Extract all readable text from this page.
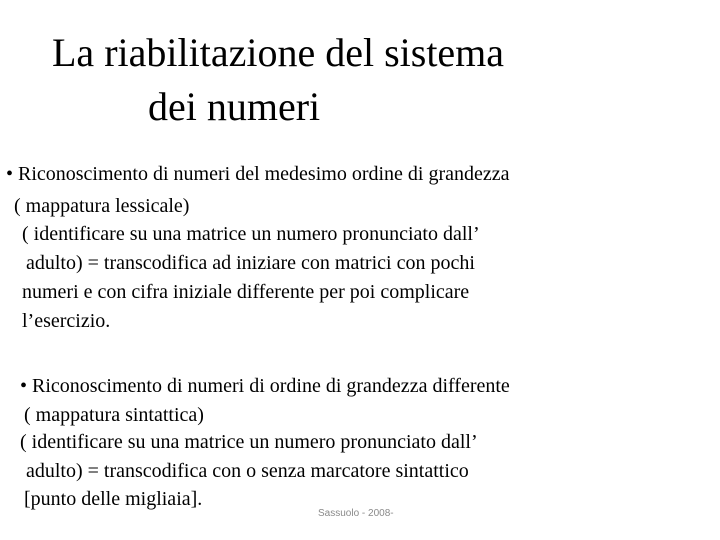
La riabilitazione del sistema
dei numeri
• Riconoscimento di numeri del medesimo ordine di grandezza
( mappatura lessicale)
( identificare su una matrice un numero pronunciato dall’
adulto) = transcodifica ad iniziare con matrici con pochi
numeri e con cifra iniziale differente per poi complicare
l’esercizio.
• Riconoscimento di numeri di ordine di grandezza differente
( mappatura sintattica)
( identificare su una matrice un numero pronunciato dall’
adulto) = transcodifica con o senza marcatore sintattico
[punto delle migliaia].
Sassuolo - 2008-
